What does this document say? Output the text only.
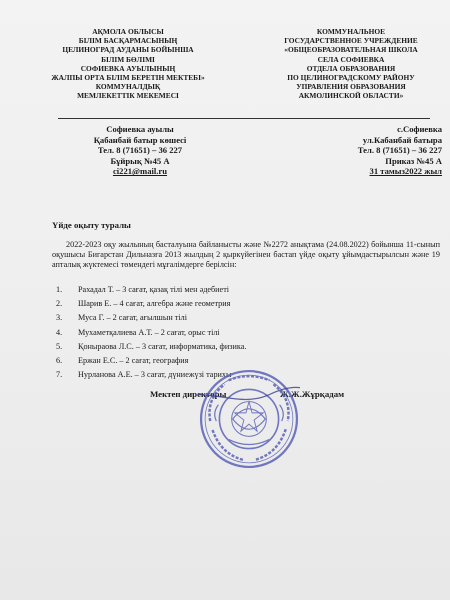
АҚМОЛА ОБЛЫСЫ
БІЛІМ БАСҚАРМАСЫНЫҢ
ЦЕЛИНОГРАД АУДАНЫ БОЙЫНША
БІЛІМ БӨЛІМІ
СОФИЕВКА АУЫЛЫНЫҢ
ЖАЛПЫ ОРТА БІЛІМ БЕРЕТІН МЕКТЕБІ»
КОММУНАЛДЫҚ
МЕМЛЕКЕТТІК МЕКЕМЕСІ
КОММУНАЛЬНОЕ
ГОСУДАРСТВЕННОЕ УЧРЕЖДЕНИЕ
«ОБЩЕОБРАЗОВАТЕЛЬНАЯ ШКОЛА
СЕЛА СОФИЕВКА
ОТДЕЛА ОБРАЗОВАНИЯ
ПО ЦЕЛИНОГРАДСКОМУ РАЙОНУ
УПРАВЛЕНИЯ ОБРАЗОВАНИЯ
АКМОЛИНСКОЙ ОБЛАСТИ»
Софиевка ауылы
Қабанбай батыр көшесі
Тел. 8 (71651) – 36 227
Бұйрық №45 А
ci221@mail.ru
с.Софиевка
ул.Кабанбай батыра
Тел. 8 (71651) – 36 227
Приказ №45 А
31 тамыз2022 жыл
Үйде оқыту туралы
2022-2023 оқу жылының басталуына байланысты және №2272 анықтама (24.08.2022) бойынша 11-сынып оқушысы Бигарстан Дильназға 2013 жылдың 2 қыркүйегінен бастап үйде оқыту ұйымдастырылсын және 19 апталық жүктемесі төмендегі мұғалімдерге берілсін:
1.	Рахадал Т. – 3 сағат, қазақ тілі мен әдебиеті
2.	Шарив Е. – 4 сағат, алгебра және геометрия
3.	Муса Г. – 2 сағат, ағылшын тілі
4.	Мухаметқалиева А.Т. – 2 сағат, орыс тілі
5.	Қоныраова Л.С. – 3 сағат, информатика, физика.
6.	Ержан Е.С. – 2 сағат, география
7.	Нурланова А.Е. – 3 сағат, дүниежүзі тарихы
Мектеп директоры	Ж.Ж.Жұрқадам
